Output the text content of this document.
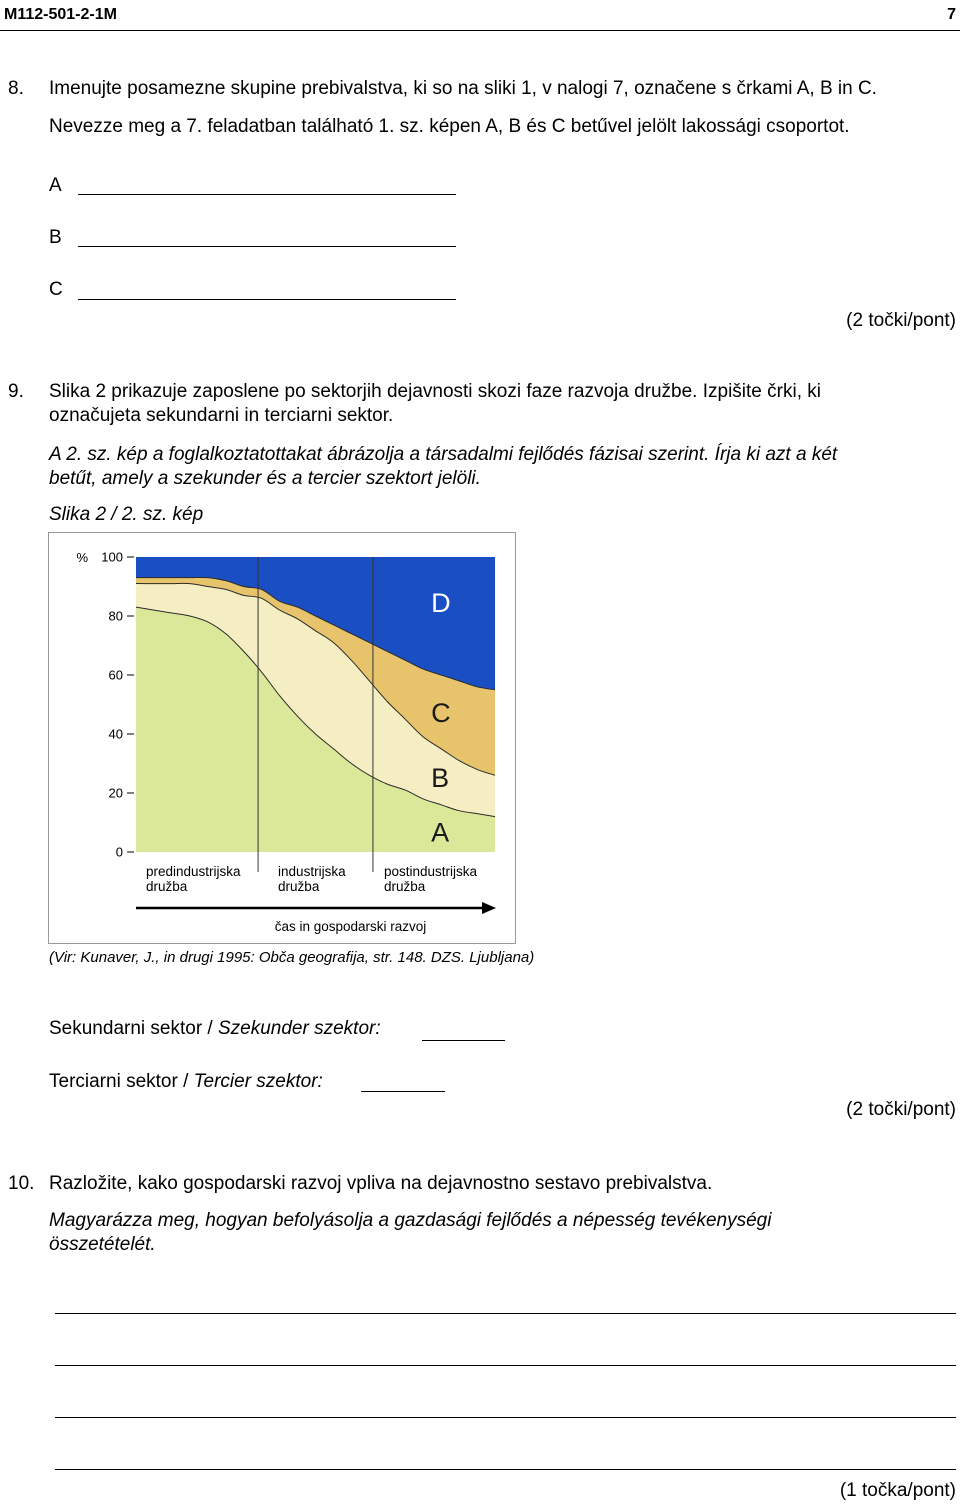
M112-501-2-1M	7
8. Imenujte posamezne skupine prebivalstva, ki so na sliki 1, v nalogi 7, označene s črkami A, B in C.
Nevezze meg a 7. feladatban található 1. sz. képen A, B és C betűvel jelölt lakossági csoportot.
A
B
C
(2 točki/pont)
9. Slika 2 prikazuje zaposlene po sektorjih dejavnosti skozi faze razvoja družbe. Izpišite črki, ki
označujeta sekundarni in terciarni sektor.
A 2. sz. kép a foglalkoztatottakat ábrázolja a társadalmi fejlődés fázisai szerint. Írja ki azt a két
betűt, amely a szekunder és a tercier szektort jelöli.
Slika 2 / 2. sz. kép
0
20
40
60
80
100
%
A
B
C
D
predindustrijska družba
industrijska družba
postindustrijska družba
čas in gospodarski razvoj
(Vir: Kunaver, J., in drugi 1995: Obča geografija, str. 148. DZS. Ljubljana)
Sekundarni sektor / Szekunder szektor:
Terciarni sektor / Tercier szektor:
(2 točki/pont)
10. Razložite, kako gospodarski razvoj vpliva na dejavnostno sestavo prebivalstva.
Magyarázza meg, hogyan befolyásolja a gazdasági fejlődés a népesség tevékenységi
összetételét.
(1 točka/pont)
